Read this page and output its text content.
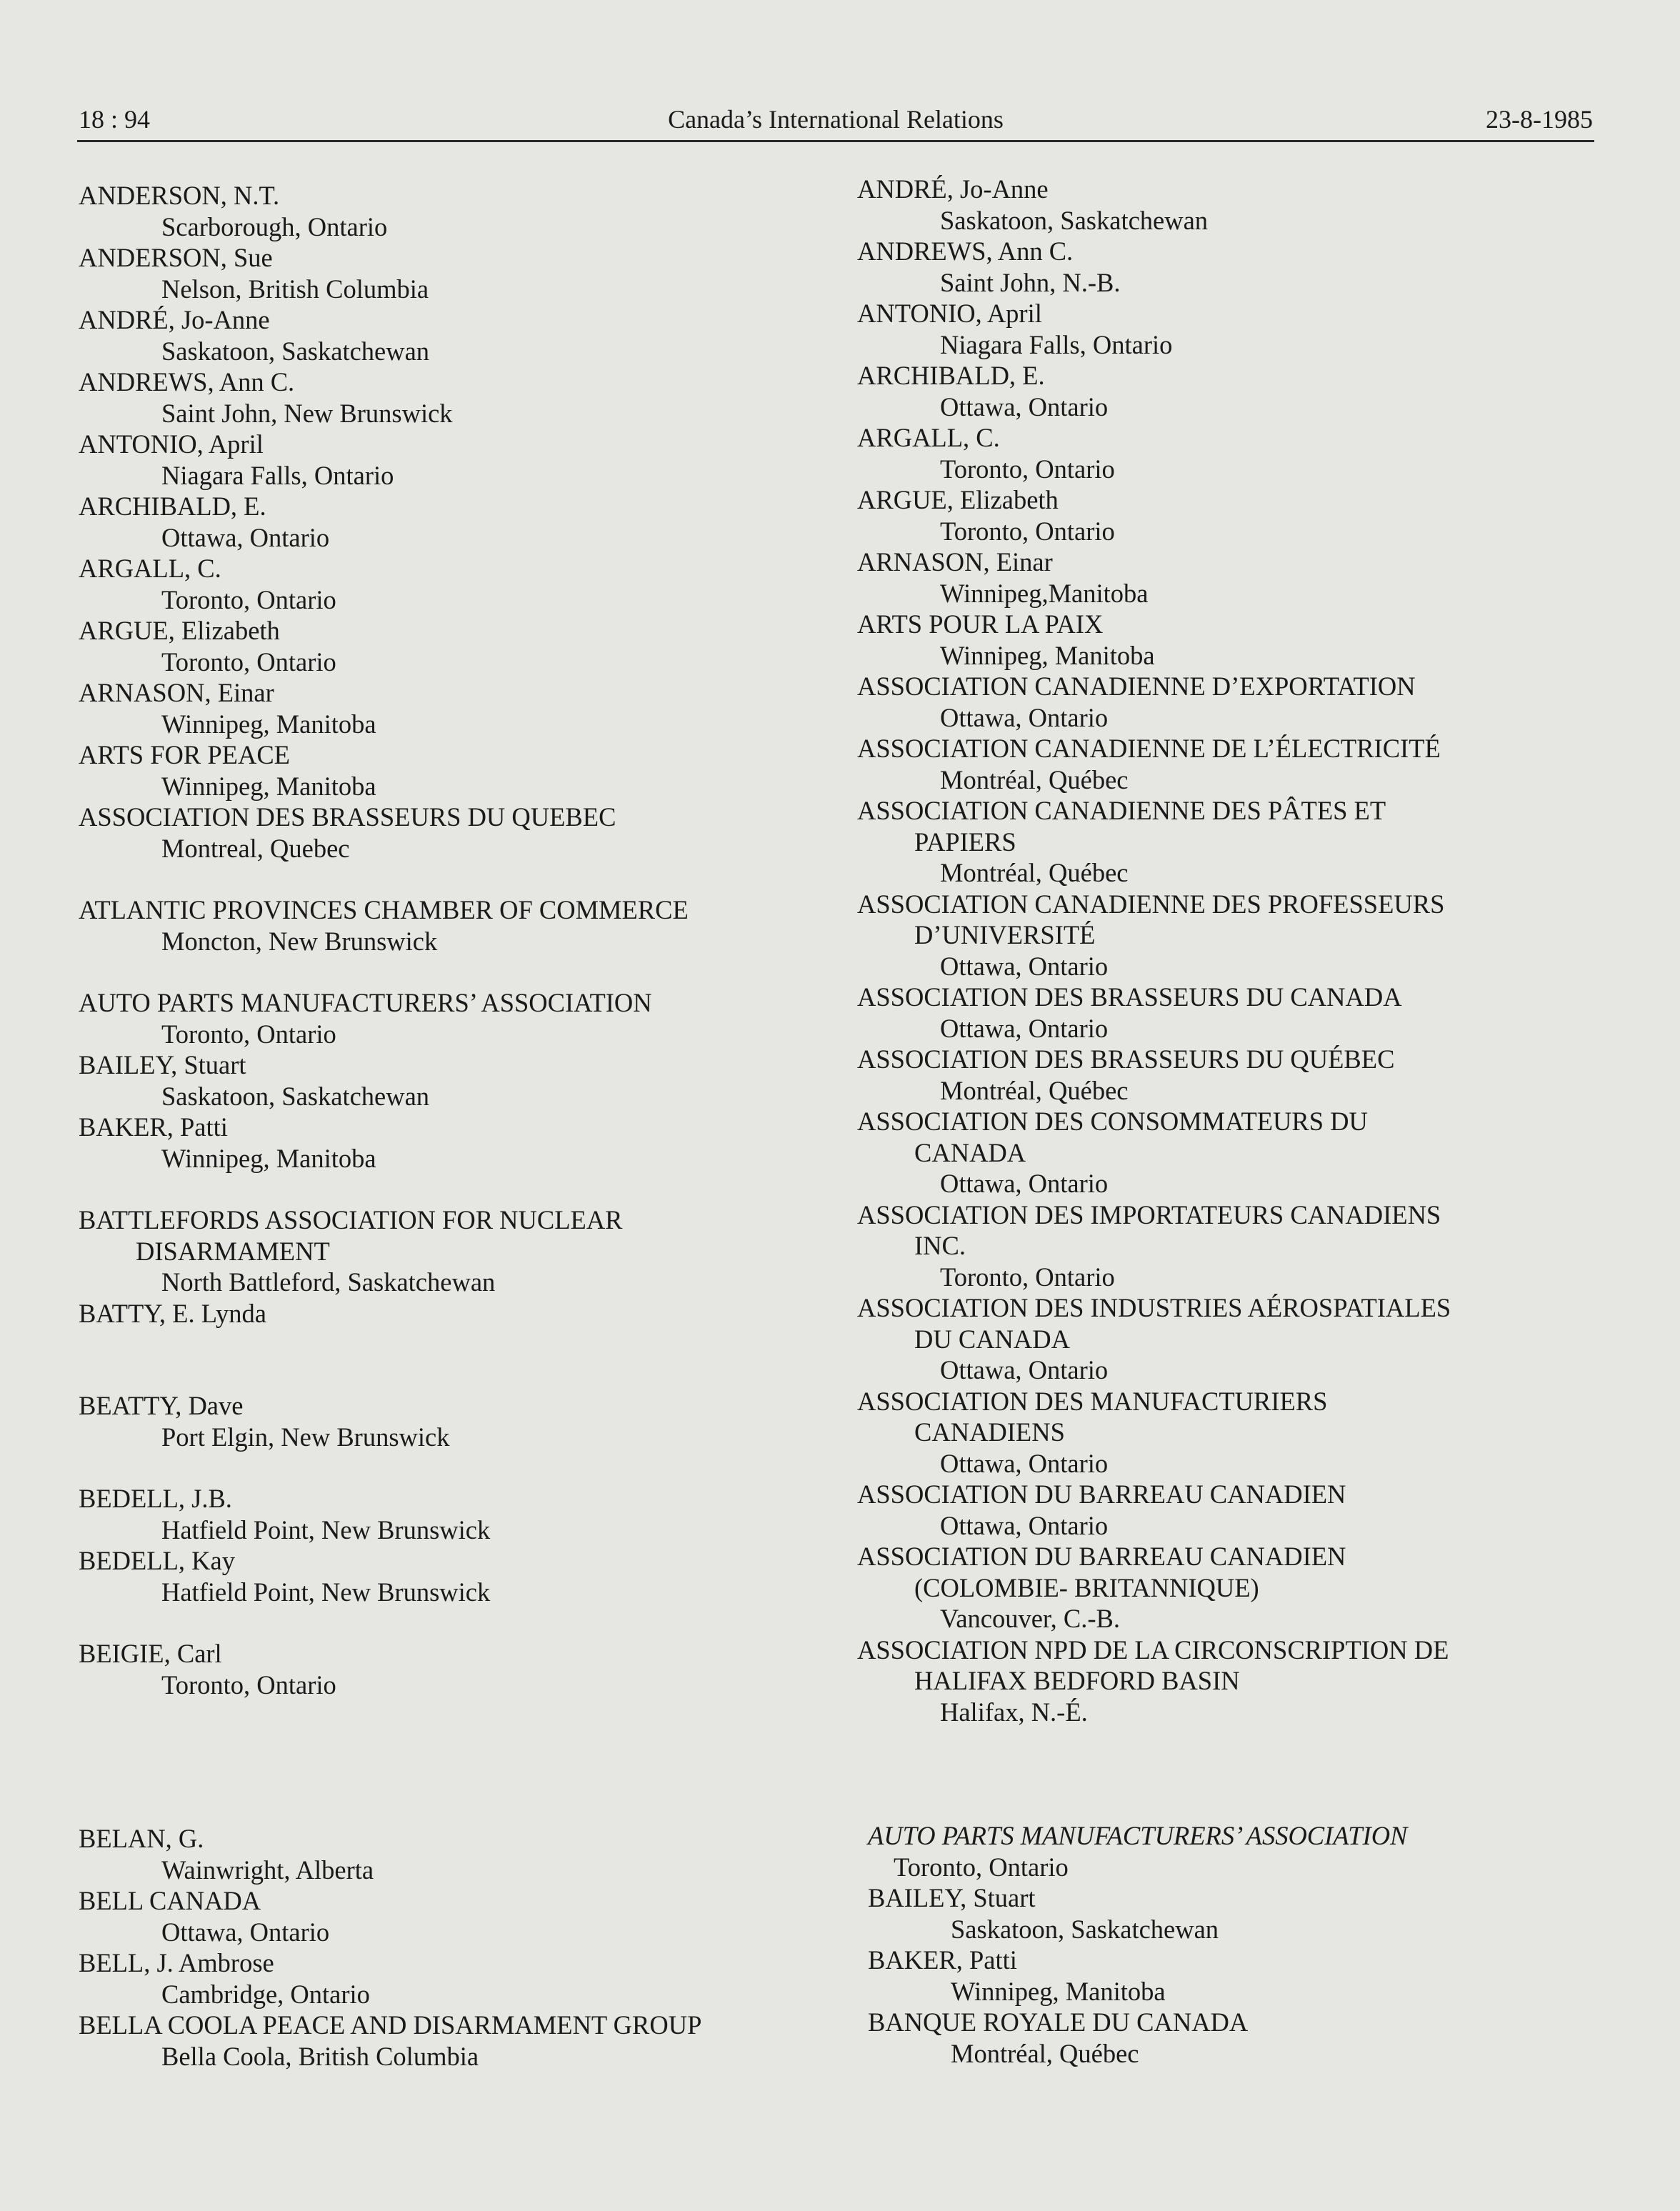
18 : 94	Canada’s International Relations	23-8-1985
ANDERSON, N.T.
Scarborough, Ontario
ANDERSON, Sue
Nelson, British Columbia
ANDRÉ, Jo-Anne
Saskatoon, Saskatchewan
ANDREWS, Ann C.
Saint John, New Brunswick
ANTONIO, April
Niagara Falls, Ontario
ARCHIBALD, E.
Ottawa, Ontario
ARGALL, C.
Toronto, Ontario
ARGUE, Elizabeth
Toronto, Ontario
ARNASON, Einar
Winnipeg, Manitoba
ARTS FOR PEACE
Winnipeg, Manitoba
ASSOCIATION DES BRASSEURS DU QUEBEC
Montreal, Quebec
ATLANTIC PROVINCES CHAMBER OF COMMERCE
Moncton, New Brunswick
AUTO PARTS MANUFACTURERS’ ASSOCIATION
Toronto, Ontario
BAILEY, Stuart
Saskatoon, Saskatchewan
BAKER, Patti
Winnipeg, Manitoba
BATTLEFORDS ASSOCIATION FOR NUCLEAR
DISARMAMENT
North Battleford, Saskatchewan
BATTY, E. Lynda
BEATTY, Dave
Port Elgin, New Brunswick
BEDELL, J.B.
Hatfield Point, New Brunswick
BEDELL, Kay
Hatfield Point, New Brunswick
BEIGIE, Carl
Toronto, Ontario
BELAN, G.
Wainwright, Alberta
BELL CANADA
Ottawa, Ontario
BELL, J. Ambrose
Cambridge, Ontario
BELLA COOLA PEACE AND DISARMAMENT GROUP
Bella Coola, British Columbia
ANDRÉ, Jo-Anne
Saskatoon, Saskatchewan
ANDREWS, Ann C.
Saint John, N.-B.
ANTONIO, April
Niagara Falls, Ontario
ARCHIBALD, E.
Ottawa, Ontario
ARGALL, C.
Toronto, Ontario
ARGUE, Elizabeth
Toronto, Ontario
ARNASON, Einar
Winnipeg,Manitoba
ARTS POUR LA PAIX
Winnipeg, Manitoba
ASSOCIATION CANADIENNE D’EXPORTATION
Ottawa, Ontario
ASSOCIATION CANADIENNE DE L’ÉLECTRICITÉ
Montréal, Québec
ASSOCIATION CANADIENNE DES PÂTES ET
PAPIERS
Montréal, Québec
ASSOCIATION CANADIENNE DES PROFESSEURS
D’UNIVERSITÉ
Ottawa, Ontario
ASSOCIATION DES BRASSEURS DU CANADA
Ottawa, Ontario
ASSOCIATION DES BRASSEURS DU QUÉBEC
Montréal, Québec
ASSOCIATION DES CONSOMMATEURS DU
CANADA
Ottawa, Ontario
ASSOCIATION DES IMPORTATEURS CANADIENS
INC.
Toronto, Ontario
ASSOCIATION DES INDUSTRIES AÉROSPATIALES
DU CANADA
Ottawa, Ontario
ASSOCIATION DES MANUFACTURIERS
CANADIENS
Ottawa, Ontario
ASSOCIATION DU BARREAU CANADIEN
Ottawa, Ontario
ASSOCIATION DU BARREAU CANADIEN
(COLOMBIE- BRITANNIQUE)
Vancouver, C.-B.
ASSOCIATION NPD DE LA CIRCONSCRIPTION DE
HALIFAX BEDFORD BASIN
Halifax, N.-É.
AUTO PARTS MANUFACTURERS’ ASSOCIATION
Toronto, Ontario
BAILEY, Stuart
Saskatoon, Saskatchewan
BAKER, Patti
Winnipeg, Manitoba
BANQUE ROYALE DU CANADA
Montréal, Québec
